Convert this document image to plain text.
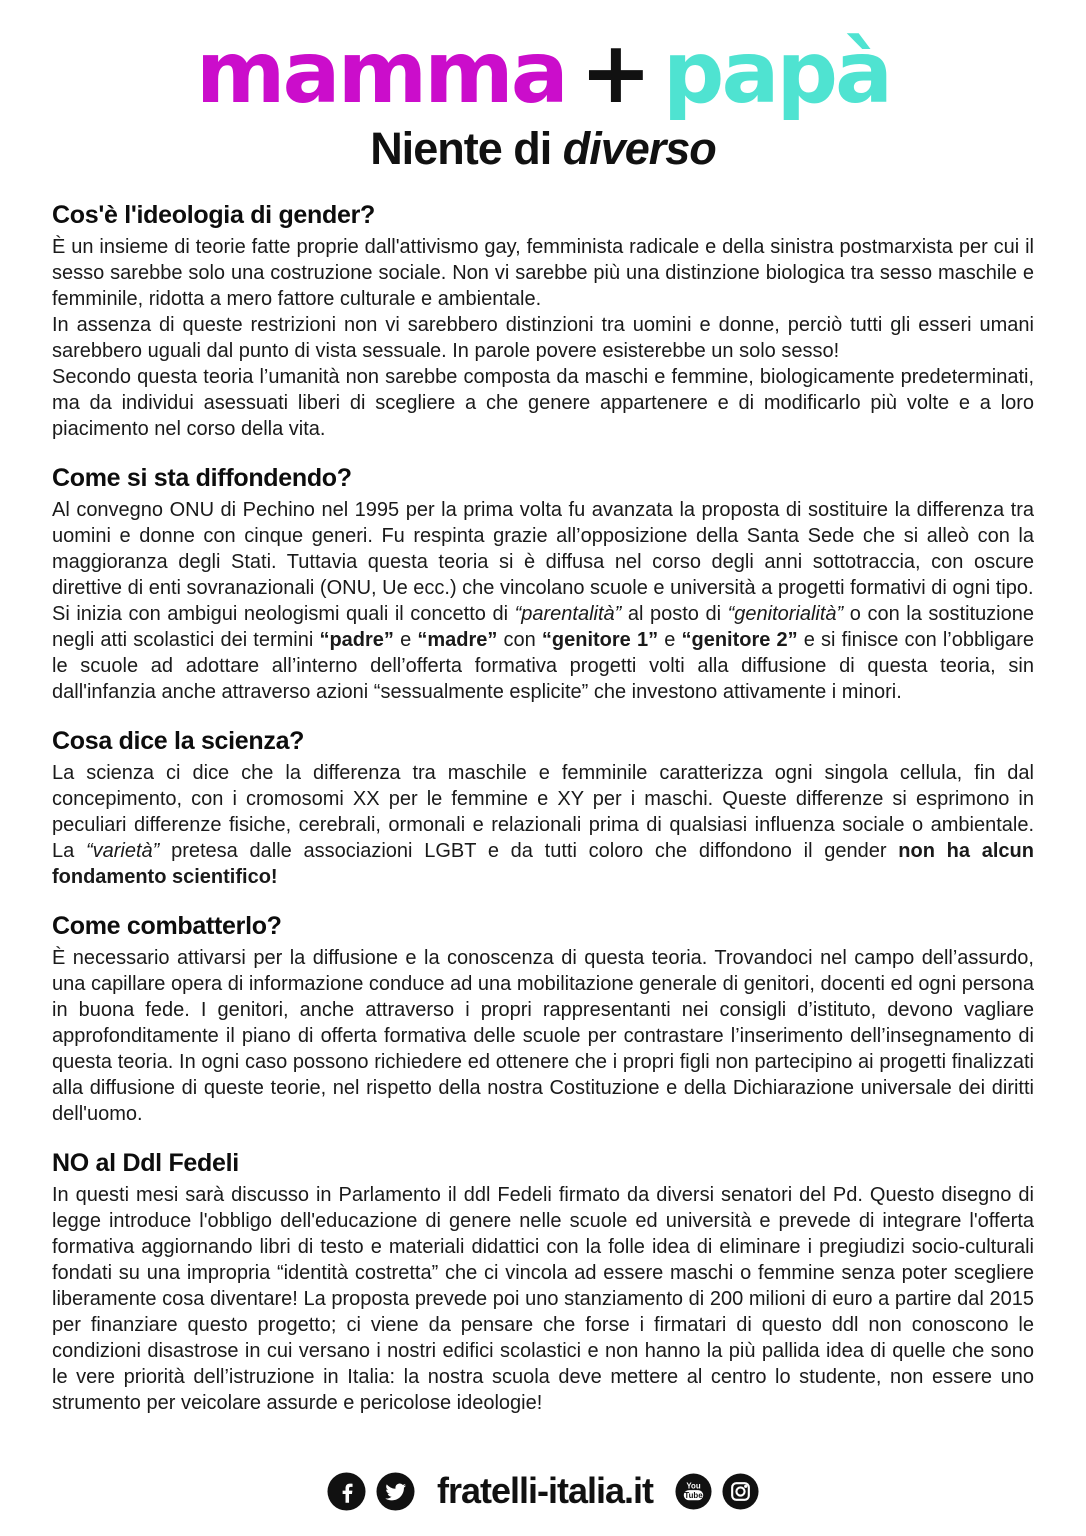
mamma + papà
Niente di diverso
Cos'è l'ideologia di gender?

È un insieme di teorie fatte proprie dall'attivismo gay, femminista radicale e della sinistra postmarxista per cui il sesso sarebbe solo una costruzione sociale. Non vi sarebbe più una distinzione biologica tra sesso maschile e femminile, ridotta a mero fattore culturale e ambientale.

In assenza di queste restrizioni non vi sarebbero distinzioni tra uomini e donne, perciò tutti gli esseri umani sarebbero uguali dal punto di vista sessuale. In parole povere esisterebbe un solo sesso!

Secondo questa teoria l’umanità non sarebbe composta da maschi e femmine, biologicamente predeterminati, ma da individui asessuati liberi di scegliere a che genere appartenere e di modificarlo più volte e a loro piacimento nel corso della vita.

Come si sta diffondendo?

Al convegno ONU di Pechino nel 1995 per la prima volta fu avanzata la proposta di sostituire la differenza tra uomini e donne con cinque generi. Fu respinta grazie all’opposizione della Santa Sede che si alleò con la maggioranza degli Stati. Tuttavia questa teoria si è diffusa nel corso degli anni sottotraccia, con oscure direttive di enti sovranazionali (ONU, Ue ecc.) che vincolano scuole e università a progetti formativi di ogni tipo.

Si inizia con ambigui neologismi quali il concetto di “parentalità” al posto di “genitorialità” o con la sostituzione negli atti scolastici dei termini “padre” e “madre” con “genitore 1” e “genitore 2” e si finisce con l’obbligare le scuole ad adottare all’interno dell’offerta formativa progetti volti alla diffusione di questa teoria, sin dall'infanzia anche attraverso azioni “sessualmente esplicite” che investono attivamente i minori.

Cosa dice la scienza?

La scienza ci dice che la differenza tra maschile e femminile caratterizza ogni singola cellula, fin dal concepimento, con i cromosomi XX per le femmine e XY per i maschi. Queste differenze si esprimono in peculiari differenze fisiche, cerebrali, ormonali e relazionali prima di qualsiasi influenza sociale o ambientale. La “varietà” pretesa dalle associazioni LGBT e da tutti coloro che diffondono il gender non ha alcun fondamento scientifico!

Come combatterlo?

È necessario attivarsi per la diffusione e la conoscenza di questa teoria. Trovandoci nel campo dell’assurdo, una capillare opera di informazione conduce ad una mobilitazione generale di genitori, docenti ed ogni persona in buona fede. I genitori, anche attraverso i propri rappresentanti nei consigli d’istituto, devono vagliare approfonditamente il piano di offerta formativa delle scuole per contrastare l’inserimento dell’insegnamento di questa teoria. In ogni caso possono richiedere ed ottenere che i propri figli non partecipino ai progetti finalizzati alla diffusione di queste teorie, nel rispetto della nostra Costituzione e della Dichiarazione universale dei diritti dell'uomo.

NO al Ddl Fedeli

In questi mesi sarà discusso in Parlamento il ddl Fedeli firmato da diversi senatori del Pd. Questo disegno di legge introduce l'obbligo dell'educazione di genere nelle scuole ed università e prevede di integrare l'offerta formativa aggiornando libri di testo e materiali didattici con la folle idea di eliminare i pregiudizi socio-culturali fondati su una impropria “identità costretta” che ci vincola ad essere maschi o femmine senza poter scegliere liberamente cosa diventare! La proposta prevede poi uno stanziamento di 200 milioni di euro a partire dal 2015 per finanziare questo progetto; ci viene da pensare che forse i firmatari di questo ddl non conoscono le condizioni disastrose in cui versano i nostri edifici scolastici e non hanno la più pallida idea di quelle che sono le vere priorità dell’istruzione in Italia: la nostra scuola deve mettere al centro lo studente, non essere uno strumento per veicolare assurde e pericolose ideologie!

fratelli-italia.it	You
Tube
